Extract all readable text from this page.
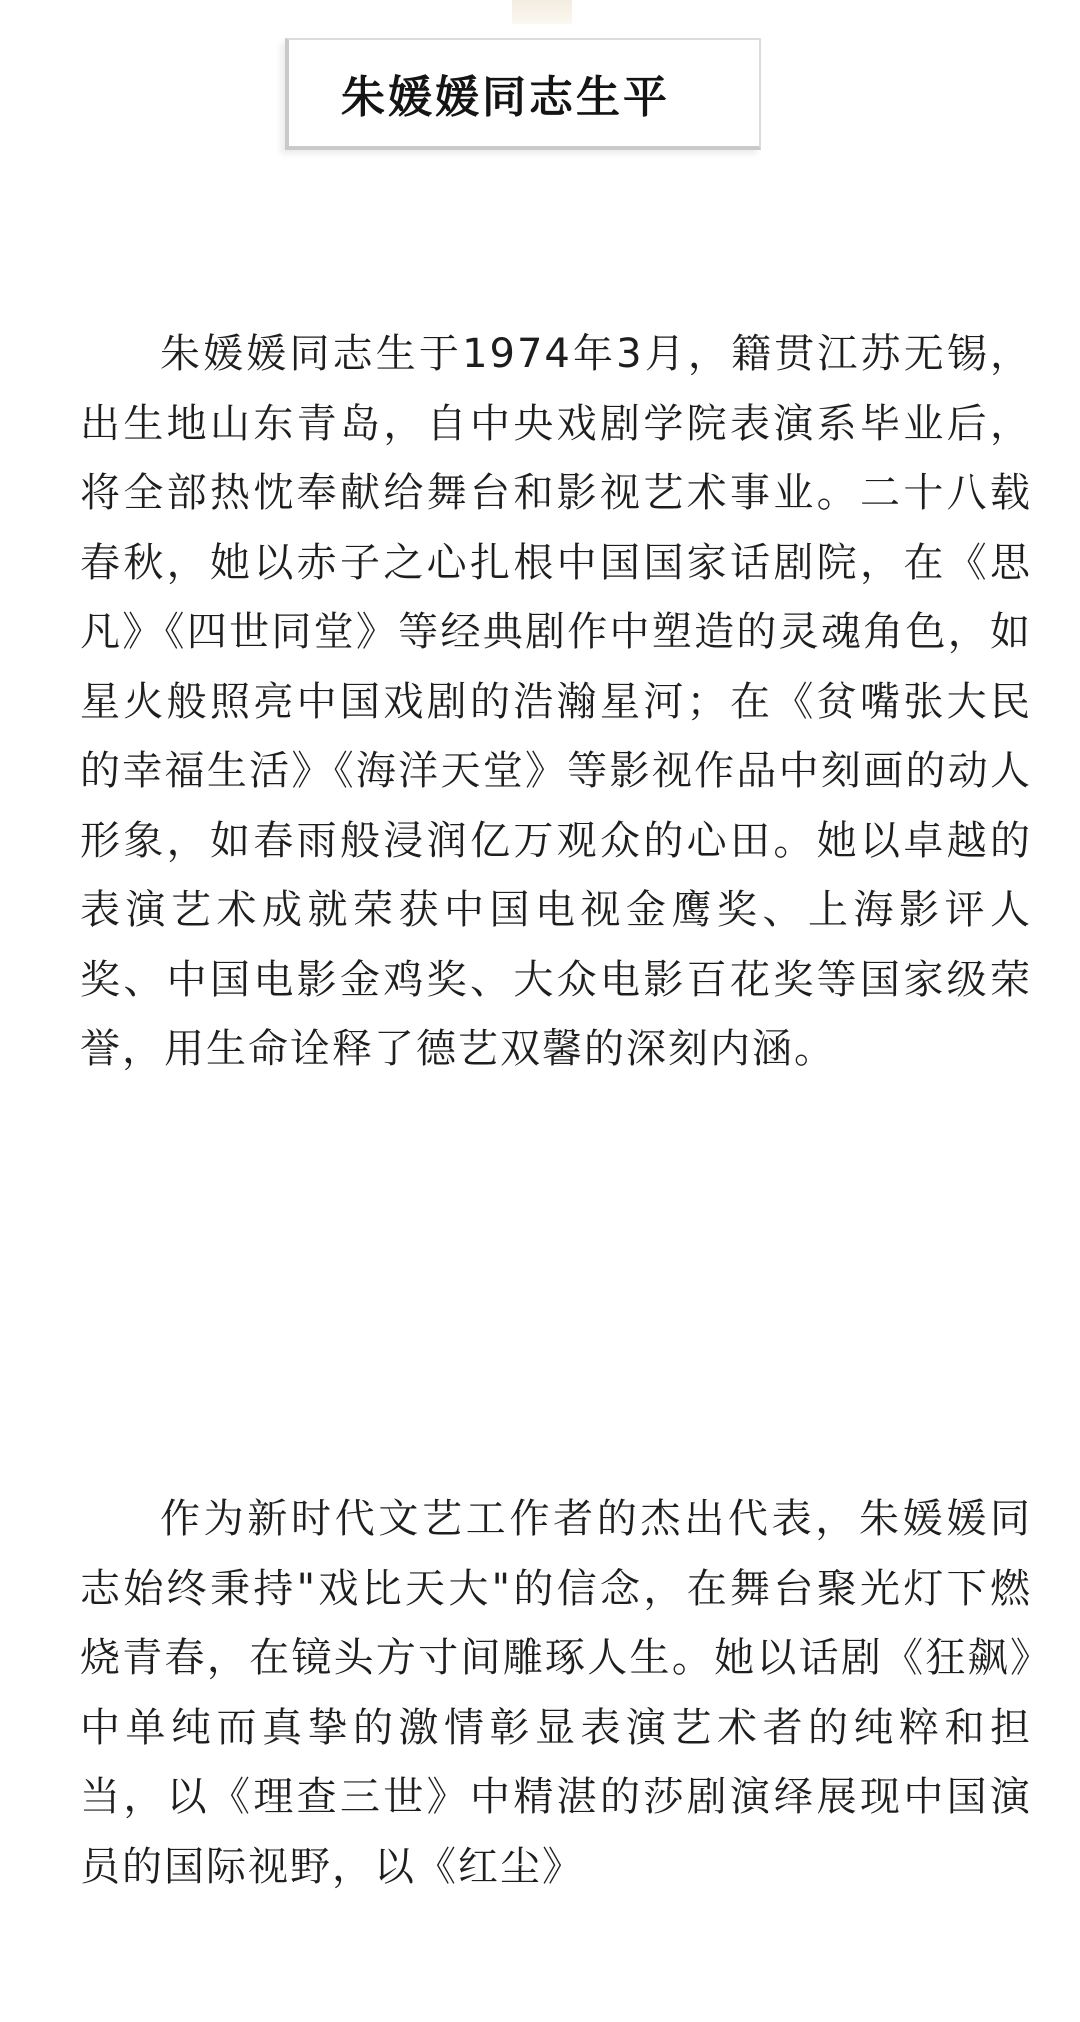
朱媛媛同志生平

朱媛媛同志生于1974年3月，籍贯江苏无锡，出生地山东青岛，自中央戏剧学院表演系毕业后，将全部热忱奉献给舞台和影视艺术事业。二十八载春秋，她以赤子之心扎根中国国家话剧院，在《思凡》《四世同堂》等经典剧作中塑造的灵魂角色，如星火般照亮中国戏剧的浩瀚星河；在《贫嘴张大民的幸福生活》《海洋天堂》等影视作品中刻画的动人形象，如春雨般浸润亿万观众的心田。她以卓越的表演艺术成就荣获中国电视金鹰奖、上海影评人奖、中国电影金鸡奖、大众电影百花奖等国家级荣誉，用生命诠释了德艺双馨的深刻内涵。

作为新时代文艺工作者的杰出代表，朱媛媛同志始终秉持"戏比天大"的信念，在舞台聚光灯下燃烧青春，在镜头方寸间雕琢人生。她以话剧《狂飙》中单纯而真挚的激情彰显表演艺术者的纯粹和担当，以《理查三世》中精湛的莎剧演绎展现中国演员的国际视野，以《红尘》
